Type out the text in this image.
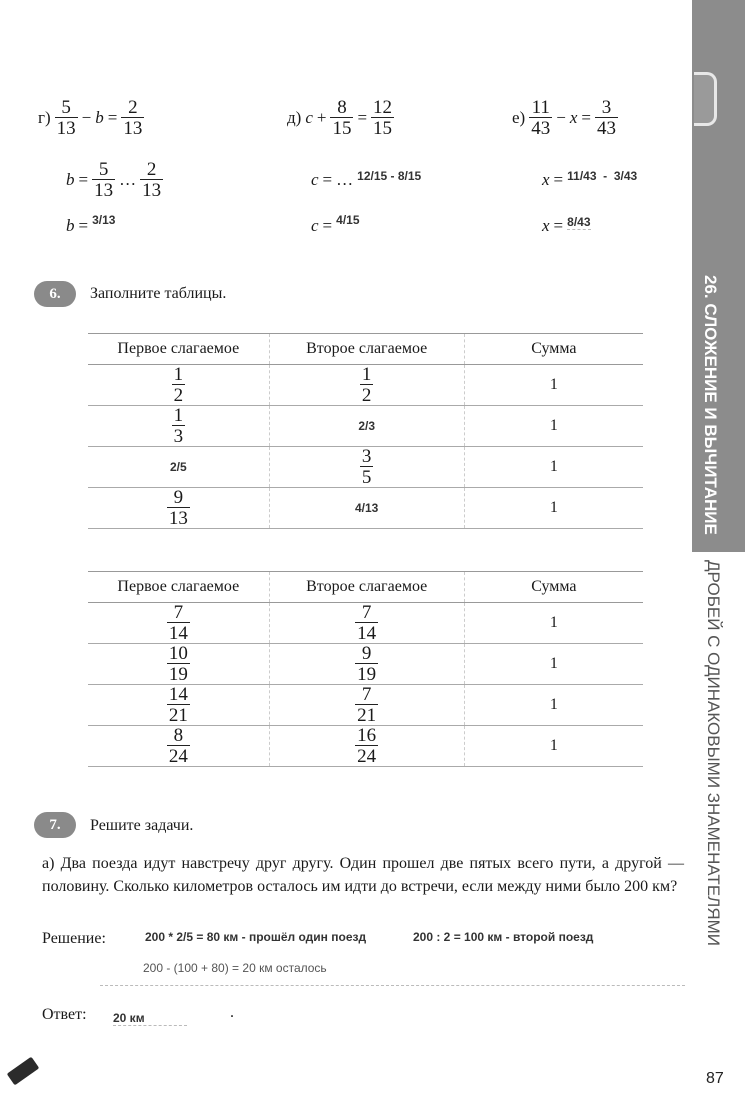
26. СЛОЖЕНИЕ И ВЫЧИТАНИЕ
ДРОБЕЙ С ОДИНАКОВЫМИ ЗНАМЕНАТЕЛЯМИ
$г) \frac{5}{13} - b = \frac{2}{13}$
$b = \frac{5}{13}$ … $\frac{2}{13}$
b = 3/13
д) $c + \frac{8}{15} = \frac{12}{15}$
c = … 12/15 - 8/15
c = 4/15
$е) \frac{11}{43} - x = \frac{3}{43}$
x = 11/43  -  3/43
x = 8/43
6.	Заполните таблицы.
Первое слагаемое	Второе слагаемое	Сумма

$\frac{1}{2}$	$\frac{1}{2}$	1

$\frac{1}{3}$	2/3	1
2/5	$\frac{3}{5}$	1

$\frac{9}{13}$	4/13	1
Первое слагаемое	Второе слагаемое	Сумма

$\frac{7}{14}$	$\frac{7}{14}$	1

$\frac{10}{19}$	$\frac{9}{19}$	1

$\frac{14}{21}$	$\frac{7}{21}$	1

$\frac{8}{24}$	$\frac{16}{24}$	1
7.	Решите задачи.
а) Два поезда идут навстречу друг другу. Один прошел две пятых всего пути, а другой — половину. Сколько километров осталось им идти до встречи, если между ними было 200 км?
Решение:	200 * 2/5 = 80 км - прошёл один поезд	200 : 2 = 100 км - второй поезд
200 - (100 + 80) = 20 км осталось
Ответ: 20 км	.
87
